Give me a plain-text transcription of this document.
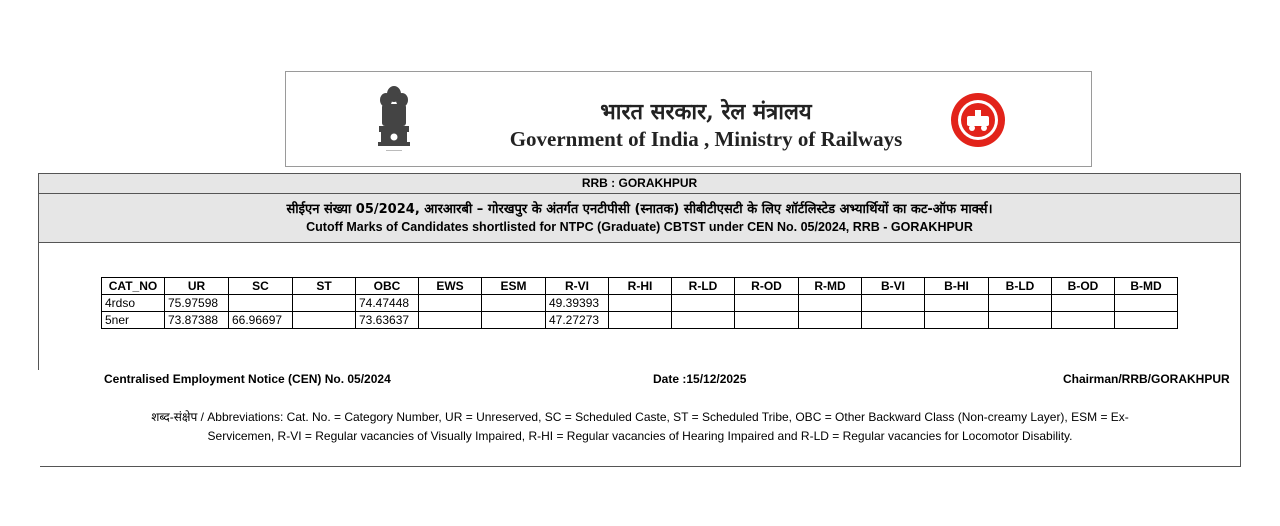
भारत सरकार, रेल मंत्रालय
Government of India , Ministry of Railways
RRB : GORAKHPUR
सीईएन संख्या 05/2024, आरआरबी – गोरखपुर के अंतर्गत एनटीपीसी (स्नातक) सीबीटीएसटी के लिए शॉर्टलिस्टेड अभ्यार्थियों का कट-ऑफ मार्क्स।
Cutoff Marks of Candidates shortlisted for NTPC (Graduate) CBTST under CEN No. 05/2024, RRB - GORAKHPUR
CAT_NO	UR	SC	ST	OBC	EWS	ESM	R-VI	R-HI	R-LD	R-OD	R-MD	B-VI	B-HI	B-LD	B-OD	B-MD
4rdso	75.97598			74.47448			49.39393									
5ner	73.87388	66.96697		73.63637			47.27273									
Centralised Employment Notice (CEN) No. 05/2024	Date :15/12/2025	Chairman/RRB/GORAKHPUR
शब्द-संक्षेप / Abbreviations: Cat. No. = Category Number, UR = Unreserved, SC = Scheduled Caste, ST = Scheduled Tribe, OBC = Other Backward Class (Non-creamy Layer), ESM = Ex-
Servicemen, R-VI = Regular vacancies of Visually Impaired, R-HI = Regular vacancies of Hearing Impaired and R-LD = Regular vacancies for Locomotor Disability.
